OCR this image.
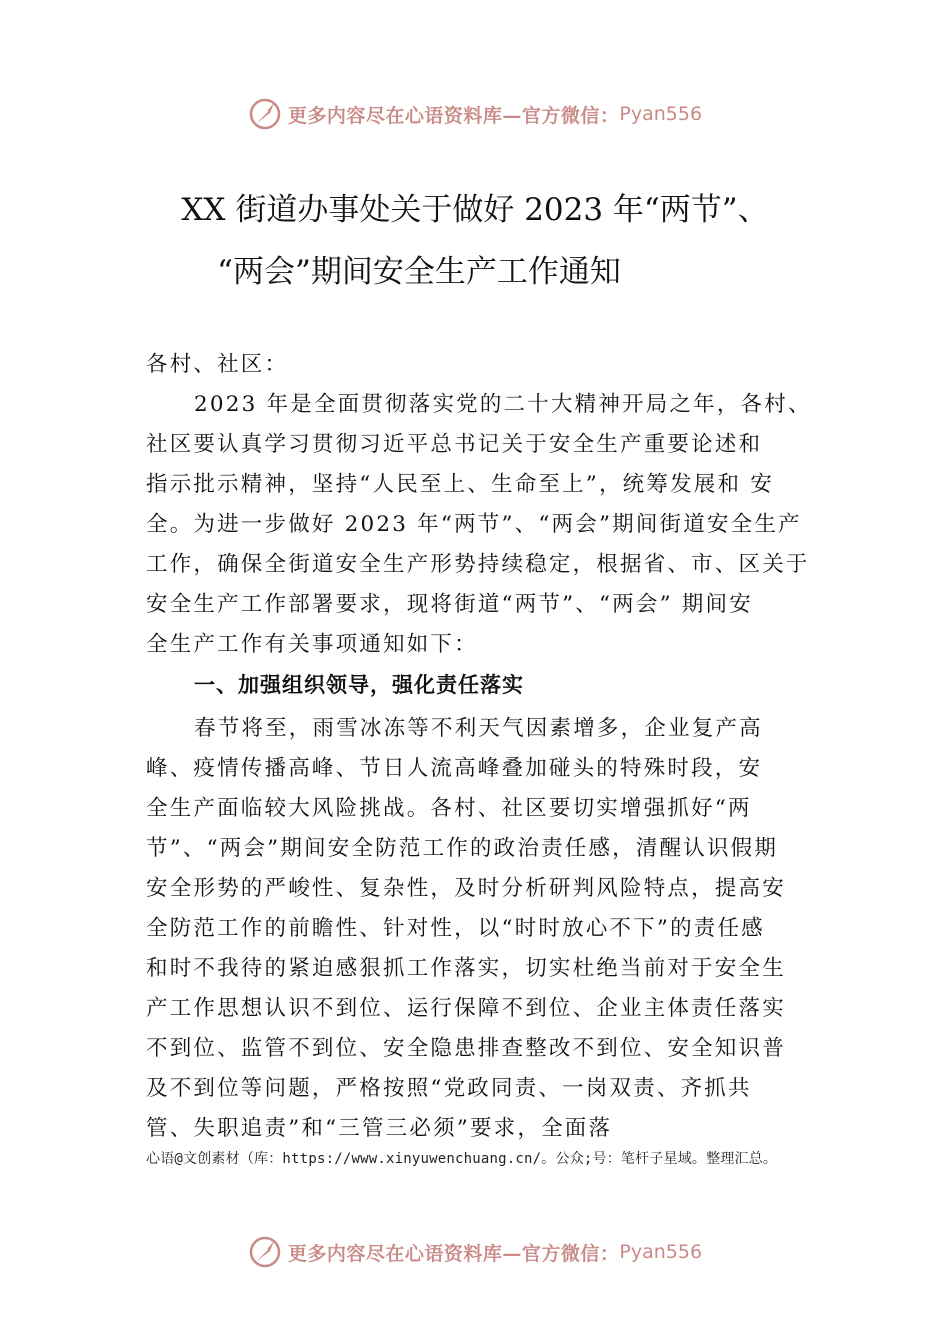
更多内容尽在心语资料库—官方微信： Pyan556
XX 街道办事处关于做好 2023 年“两节”、
“两会”期间安全生产工作通知
各村、社区：
2023 年是全面贯彻落实党的二十大精神开局之年，各村、
社区要认真学习贯彻习近平总书记关于安全生产重要论述和
指示批示精神，坚持“人民至上、生命至上”，统筹发展和 安
全。为进一步做好 2023 年“两节”、“两会”期间街道安全生产
工作，确保全街道安全生产形势持续稳定，根据省、市、区关于
安全生产工作部署要求，现将街道“两节”、“两会” 期间安
全生产工作有关事项通知如下：
一、加强组织领导，强化责任落实
春节将至，雨雪冰冻等不利天气因素增多，企业复产高
峰、疫情传播高峰、节日人流高峰叠加碰头的特殊时段，安
全生产面临较大风险挑战。各村、社区要切实增强抓好“两
节”、“两会”期间安全防范工作的政治责任感，清醒认识假期
安全形势的严峻性、复杂性，及时分析研判风险特点，提高安
全防范工作的前瞻性、针对性，以“时时放心不下”的责任感
和时不我待的紧迫感狠抓工作落实，切实杜绝当前对于安全生
产工作思想认识不到位、运行保障不到位、企业主体责任落实
不到位、监管不到位、安全隐患排查整改不到位、安全知识普
及不到位等问题，严格按照“党政同责、一岗双责、齐抓共
管、失职追责”和“三管三必须”要求，全面落
心语@文创素材（库：https://www.xinyuwenchuang.cn/。公众;号：笔杆子星域。整理汇总。
更多内容尽在心语资料库—官方微信： Pyan556
